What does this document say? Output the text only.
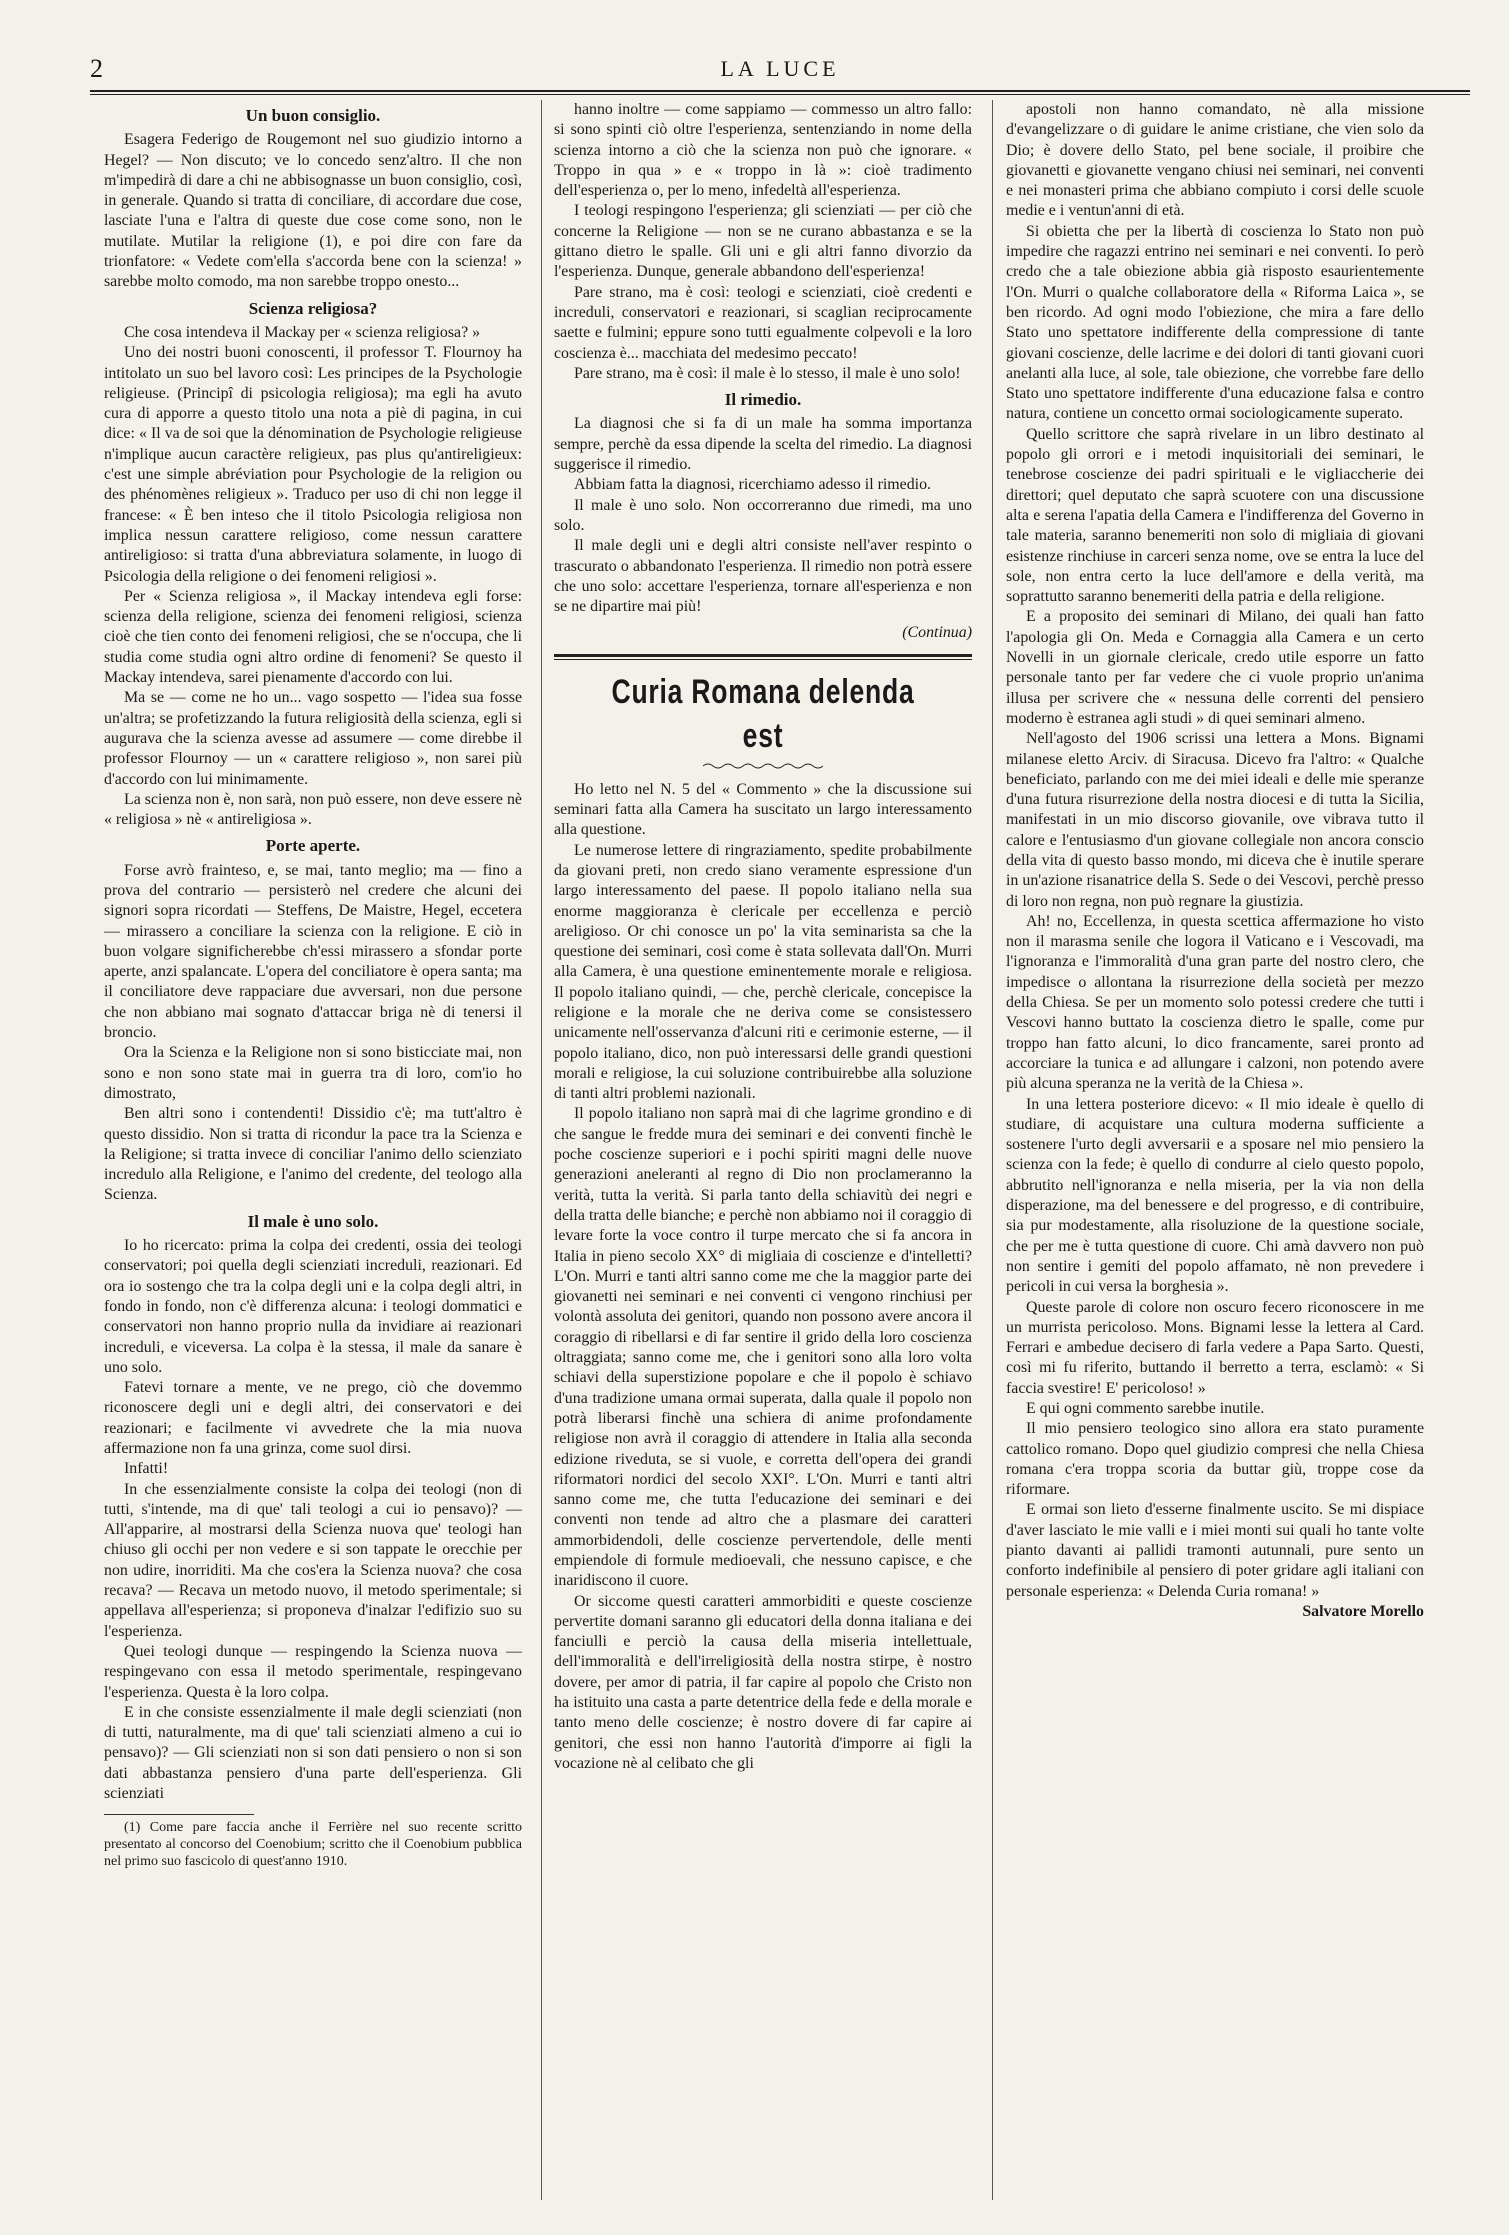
2	LA LUCE
Un buon consiglio.

Esagera Federigo de Rougemont nel suo giudizio intorno a Hegel? — Non discuto; ve lo concedo senz'altro. Il che non m'impedirà di dare a chi ne abbisognasse un buon consiglio, così, in generale. Quando si tratta di conciliare, di accordare due cose, lasciate l'una e l'altra di queste due cose come sono, non le mutilate. Mutilar la religione (1), e poi dire con fare da trionfatore: « Vedete com'ella s'accorda bene con la scienza! » sarebbe molto comodo, ma non sarebbe troppo onesto...

Scienza religiosa?

Che cosa intendeva il Mackay per « scienza religiosa? »

Uno dei nostri buoni conoscenti, il professor T. Flournoy ha intitolato un suo bel lavoro così: Les principes de la Psychologie religieuse. (Principî di psicologia religiosa); ma egli ha avuto cura di apporre a questo titolo una nota a piè di pagina, in cui dice: « Il va de soi que la dénomination de Psychologie religieuse n'implique aucun caractère religieux, pas plus qu'antireligieux: c'est une simple abréviation pour Psychologie de la religion ou des phénomènes religieux ». Traduco per uso di chi non legge il francese: « È ben inteso che il titolo Psicologia religiosa non implica nessun carattere religioso, come nessun carattere antireligioso: si tratta d'una abbreviatura solamente, in luogo di Psicologia della religione o dei fenomeni religiosi ».

Per « Scienza religiosa », il Mackay intendeva egli forse: scienza della religione, scienza dei fenomeni religiosi, scienza cioè che tien conto dei fenomeni religiosi, che se n'occupa, che li studia come studia ogni altro ordine di fenomeni? Se questo il Mackay intendeva, sarei pienamente d'accordo con lui.

Ma se — come ne ho un... vago sospetto — l'idea sua fosse un'altra; se profetizzando la futura religiosità della scienza, egli si augurava che la scienza avesse ad assumere — come direbbe il professor Flournoy — un « carattere religioso », non sarei più d'accordo con lui minimamente.

La scienza non è, non sarà, non può essere, non deve essere nè « religiosa » nè « antireligiosa ».

Porte aperte.

Forse avrò frainteso, e, se mai, tanto meglio; ma — fino a prova del contrario — persisterò nel credere che alcuni dei signori sopra ricordati — Steffens, De Maistre, Hegel, eccetera — mirassero a conciliare la scienza con la religione. E ciò in buon volgare significherebbe ch'essi mirassero a sfondar porte aperte, anzi spalancate. L'opera del conciliatore è opera santa; ma il conciliatore deve rappaciare due avversari, non due persone che non abbiano mai sognato d'attaccar briga nè di tenersi il broncio.

Ora la Scienza e la Religione non si sono bisticciate mai, non sono e non sono state mai in guerra tra di loro, com'io ho dimostrato,

Ben altri sono i contendenti! Dissidio c'è; ma tutt'altro è questo dissidio. Non si tratta di ricondur la pace tra la Scienza e la Religione; si tratta invece di conciliar l'animo dello scienziato incredulo alla Religione, e l'animo del credente, del teologo alla Scienza.

Il male è uno solo.

Io ho ricercato: prima la colpa dei credenti, ossia dei teologi conservatori; poi quella degli scienziati increduli, reazionari. Ed ora io sostengo che tra la colpa degli uni e la colpa degli altri, in fondo in fondo, non c'è differenza alcuna: i teologi dommatici e conservatori non hanno proprio nulla da invidiare ai reazionari increduli, e viceversa. La colpa è la stessa, il male da sanare è uno solo.

Fatevi tornare a mente, ve ne prego, ciò che dovemmo riconoscere degli uni e degli altri, dei conservatori e dei reazionari; e facilmente vi avvedrete che la mia nuova affermazione non fa una grinza, come suol dirsi.

Infatti!

In che essenzialmente consiste la colpa dei teologi (non di tutti, s'intende, ma di que' tali teologi a cui io pensavo)? — All'apparire, al mostrarsi della Scienza nuova que' teologi han chiuso gli occhi per non vedere e si son tappate le orecchie per non udire, inorriditi. Ma che cos'era la Scienza nuova? che cosa recava? — Recava un metodo nuovo, il metodo sperimentale; si appellava all'esperienza; si proponeva d'inalzar l'edifizio suo su l'esperienza.

Quei teologi dunque — respingendo la Scienza nuova — respingevano con essa il metodo sperimentale, respingevano l'esperienza. Questa è la loro colpa.

E in che consiste essenzialmente il male degli scienziati (non di tutti, naturalmente, ma di que' tali scienziati almeno a cui io pensavo)? — Gli scienziati non si son dati pensiero o non si son dati abbastanza pensiero d'una parte dell'esperienza. Gli scienziati

(1) Come pare faccia anche il Ferrière nel suo recente scritto presentato al concorso del Coenobium; scritto che il Coenobium pubblica nel primo suo fascicolo di quest'anno 1910.

hanno inoltre — come sappiamo — commesso un altro fallo: si sono spinti ciò oltre l'esperienza, sentenziando in nome della scienza intorno a ciò che la scienza non può che ignorare. « Troppo in qua » e « troppo in là »: cioè tradimento dell'esperienza o, per lo meno, infedeltà all'esperienza.

I teologi respingono l'esperienza; gli scienziati — per ciò che concerne la Religione — non se ne curano abbastanza e se la gittano dietro le spalle. Gli uni e gli altri fanno divorzio da l'esperienza. Dunque, generale abbandono dell'esperienza!

Pare strano, ma è così: teologi e scienziati, cioè credenti e increduli, conservatori e reazionari, si scaglian reciprocamente saette e fulmini; eppure sono tutti egualmente colpevoli e la loro coscienza è... macchiata del medesimo peccato!

Pare strano, ma è così: il male è lo stesso, il male è uno solo!

Il rimedio.

La diagnosi che si fa di un male ha somma importanza sempre, perchè da essa dipende la scelta del rimedio. La diagnosi suggerisce il rimedio.

Abbiam fatta la diagnosi, ricerchiamo adesso il rimedio.

Il male è uno solo. Non occorreranno due rimedi, ma uno solo.

Il male degli uni e degli altri consiste nell'aver respinto o trascurato o abbandonato l'esperienza. Il rimedio non potrà essere che uno solo: accettare l'esperienza, tornare all'esperienza e non se ne dipartire mai più!

(Continua)

Curia Romana delenda est

Ho letto nel N. 5 del « Commento » che la discussione sui seminari fatta alla Camera ha suscitato un largo interessamento alla questione.

Le numerose lettere di ringraziamento, spedite probabilmente da giovani preti, non credo siano veramente espressione d'un largo interessamento del paese. Il popolo italiano nella sua enorme maggioranza è clericale per eccellenza e perciò areligioso. Or chi conosce un po' la vita seminarista sa che la questione dei seminari, così come è stata sollevata dall'On. Murri alla Camera, è una questione eminentemente morale e religiosa. Il popolo italiano quindi, — che, perchè clericale, concepisce la religione e la morale che ne deriva come se consistessero unicamente nell'osservanza d'alcuni riti e cerimonie esterne, — il popolo italiano, dico, non può interessarsi delle grandi questioni morali e religiose, la cui soluzione contribuirebbe alla soluzione di tanti altri problemi nazionali.

Il popolo italiano non saprà mai di che lagrime grondino e di che sangue le fredde mura dei seminari e dei conventi finchè le poche coscienze superiori e i pochi spiriti magni delle nuove generazioni aneleranti al regno di Dio non proclameranno la verità, tutta la verità. Si parla tanto della schiavitù dei negri e della tratta delle bianche; e perchè non abbiamo noi il coraggio di levare forte la voce contro il turpe mercato che si fa ancora in Italia in pieno secolo XX° di migliaia di coscienze e d'intelletti? L'On. Murri e tanti altri sanno come me che la maggior parte dei giovanetti nei seminari e nei conventi ci vengono rinchiusi per volontà assoluta dei genitori, quando non possono avere ancora il coraggio di ribellarsi e di far sentire il grido della loro coscienza oltraggiata; sanno come me, che i genitori sono alla loro volta schiavi della superstizione popolare e che il popolo è schiavo d'una tradizione umana ormai superata, dalla quale il popolo non potrà liberarsi finchè una schiera di anime profondamente religiose non avrà il coraggio di attendere in Italia alla seconda edizione riveduta, se si vuole, e corretta dell'opera dei grandi riformatori nordici del secolo XXI°. L'On. Murri e tanti altri sanno come me, che tutta l'educazione dei seminari e dei conventi non tende ad altro che a plasmare dei caratteri ammorbidendoli, delle coscienze pervertendole, delle menti empiendole di formule medioevali, che nessuno capisce, e che inaridiscono il cuore.

Or siccome questi caratteri ammorbiditi e queste coscienze pervertite domani saranno gli educatori della donna italiana e dei fanciulli e perciò la causa della miseria intellettuale, dell'immoralità e dell'irreligiosità della nostra stirpe, è nostro dovere, per amor di patria, il far capire al popolo che Cristo non ha istituito una casta a parte detentrice della fede e della morale e tanto meno delle coscienze; è nostro dovere di far capire ai genitori, che essi non hanno l'autorità d'imporre ai figli la vocazione nè al celibato che gli

apostoli non hanno comandato, nè alla missione d'evangelizzare o di guidare le anime cristiane, che vien solo da Dio; è dovere dello Stato, pel bene sociale, il proibire che giovanetti e giovanette vengano chiusi nei seminari, nei conventi e nei monasteri prima che abbiano compiuto i corsi delle scuole medie e i ventun'anni di età.

Si obietta che per la libertà di coscienza lo Stato non può impedire che ragazzi entrino nei seminari e nei conventi. Io però credo che a tale obiezione abbia già risposto esaurientemente l'On. Murri o qualche collaboratore della « Riforma Laica », se ben ricordo. Ad ogni modo l'obiezione, che mira a fare dello Stato uno spettatore indifferente della compressione di tante giovani coscienze, delle lacrime e dei dolori di tanti giovani cuori anelanti alla luce, al sole, tale obiezione, che vorrebbe fare dello Stato uno spettatore indifferente d'una educazione falsa e contro natura, contiene un concetto ormai sociologicamente superato.

Quello scrittore che saprà rivelare in un libro destinato al popolo gli orrori e i metodi inquisitoriali dei seminari, le tenebrose coscienze dei padri spirituali e le vigliaccherie dei direttori; quel deputato che saprà scuotere con una discussione alta e serena l'apatia della Camera e l'indifferenza del Governo in tale materia, saranno benemeriti non solo di migliaia di giovani esistenze rinchiuse in carceri senza nome, ove se entra la luce del sole, non entra certo la luce dell'amore e della verità, ma soprattutto saranno benemeriti della patria e della religione.

E a proposito dei seminari di Milano, dei quali han fatto l'apologia gli On. Meda e Cornaggia alla Camera e un certo Novelli in un giornale clericale, credo utile esporre un fatto personale tanto per far vedere che ci vuole proprio un'anima illusa per scrivere che « nessuna delle correnti del pensiero moderno è estranea agli studi » di quei seminari almeno.

Nell'agosto del 1906 scrissi una lettera a Mons. Bignami milanese eletto Arciv. di Siracusa. Dicevo fra l'altro: « Qualche beneficiato, parlando con me dei miei ideali e delle mie speranze d'una futura risurrezione della nostra diocesi e di tutta la Sicilia, manifestati in un mio discorso giovanile, ove vibrava tutto il calore e l'entusiasmo d'un giovane collegiale non ancora conscio della vita di questo basso mondo, mi diceva che è inutile sperare in un'azione risanatrice della S. Sede o dei Vescovi, perchè presso di loro non regna, non può regnare la giustizia.

Ah! no, Eccellenza, in questa scettica affermazione ho visto non il marasma senile che logora il Vaticano e i Vescovadi, ma l'ignoranza e l'immoralità d'una gran parte del nostro clero, che impedisce o allontana la risurrezione della società per mezzo della Chiesa. Se per un momento solo potessi credere che tutti i Vescovi hanno buttato la coscienza dietro le spalle, come pur troppo han fatto alcuni, lo dico francamente, sarei pronto ad accorciare la tunica e ad allungare i calzoni, non potendo avere più alcuna speranza ne la verità de la Chiesa ».

In una lettera posteriore dicevo: « Il mio ideale è quello di studiare, di acquistare una cultura moderna sufficiente a sostenere l'urto degli avversarii e a sposare nel mio pensiero la scienza con la fede; è quello di condurre al cielo questo popolo, abbrutito nell'ignoranza e nella miseria, per la via non della disperazione, ma del benessere e del progresso, e di contribuire, sia pur modestamente, alla risoluzione de la questione sociale, che per me è tutta questione di cuore. Chi amà davvero non può non sentire i gemiti del popolo affamato, nè non prevedere i pericoli in cui versa la borghesia ».

Queste parole di colore non oscuro fecero riconoscere in me un murrista pericoloso. Mons. Bignami lesse la lettera al Card. Ferrari e ambedue decisero di farla vedere a Papa Sarto. Questi, così mi fu riferito, buttando il berretto a terra, esclamò: « Si faccia svestire! E' pericoloso! »

E qui ogni commento sarebbe inutile.

Il mio pensiero teologico sino allora era stato puramente cattolico romano. Dopo quel giudizio compresi che nella Chiesa romana c'era troppa scoria da buttar giù, troppe cose da riformare.

E ormai son lieto d'esserne finalmente uscito. Se mi dispiace d'aver lasciato le mie valli e i miei monti sui quali ho tante volte pianto davanti ai pallidi tramonti autunnali, pure sento un conforto indefinibile al pensiero di poter gridare agli italiani con personale esperienza: « Delenda Curia romana! »

Salvatore Morello
